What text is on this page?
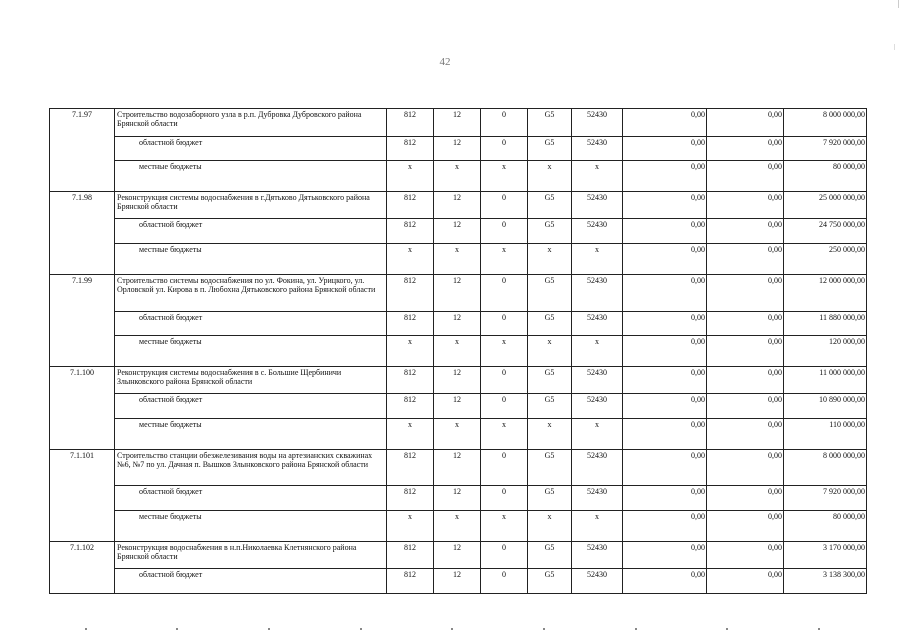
42
7.1.97	Строительство водозаборного узла в р.п. Дубровка Дубровского района Брянской области	812	12	0	G5	52430	0,00	0,00	8 000 000,00
	областной бюджет	812	12	0	G5	52430	0,00	0,00	7 920 000,00
	местные бюджеты	x	x	x	x	x	0,00	0,00	80 000,00
7.1.98	Реконструкция системы водоснабжения в г.Дятьково Дятьковского района Брянской области	812	12	0	G5	52430	0,00	0,00	25 000 000,00
	областной бюджет	812	12	0	G5	52430	0,00	0,00	24 750 000,00
	местные бюджеты	x	x	x	x	x	0,00	0,00	250 000,00
7.1.99	Строительство системы водоснабжения по ул. Фокина, ул. Урицкого, ул. Орловской ул. Кирова в п. Любохна Дятьковского района Брянской области	812	12	0	G5	52430	0,00	0,00	12 000 000,00
	областной бюджет	812	12	0	G5	52430	0,00	0,00	11 880 000,00
	местные бюджеты	x	x	x	x	x	0,00	0,00	120 000,00
7.1.100	Реконструкция системы водоснабжения в с. Большие Щербиничи Злынковского района Брянской области	812	12	0	G5	52430	0,00	0,00	11 000 000,00
	областной бюджет	812	12	0	G5	52430	0,00	0,00	10 890 000,00
	местные бюджеты	x	x	x	x	x	0,00	0,00	110 000,00
7.1.101	Строительство станции обезжелезивания воды на артезианских скважинах №6, №7 по ул. Дачная п. Вышков Злынковского района Брянской области	812	12	0	G5	52430	0,00	0,00	8 000 000,00
	областной бюджет	812	12	0	G5	52430	0,00	0,00	7 920 000,00
	местные бюджеты	x	x	x	x	x	0,00	0,00	80 000,00
7.1.102	Реконструкция водоснабжения в н.п.Николаевка Клетнянского района Брянской области	812	12	0	G5	52430	0,00	0,00	3 170 000,00
	областной бюджет	812	12	0	G5	52430	0,00	0,00	3 138 300,00
